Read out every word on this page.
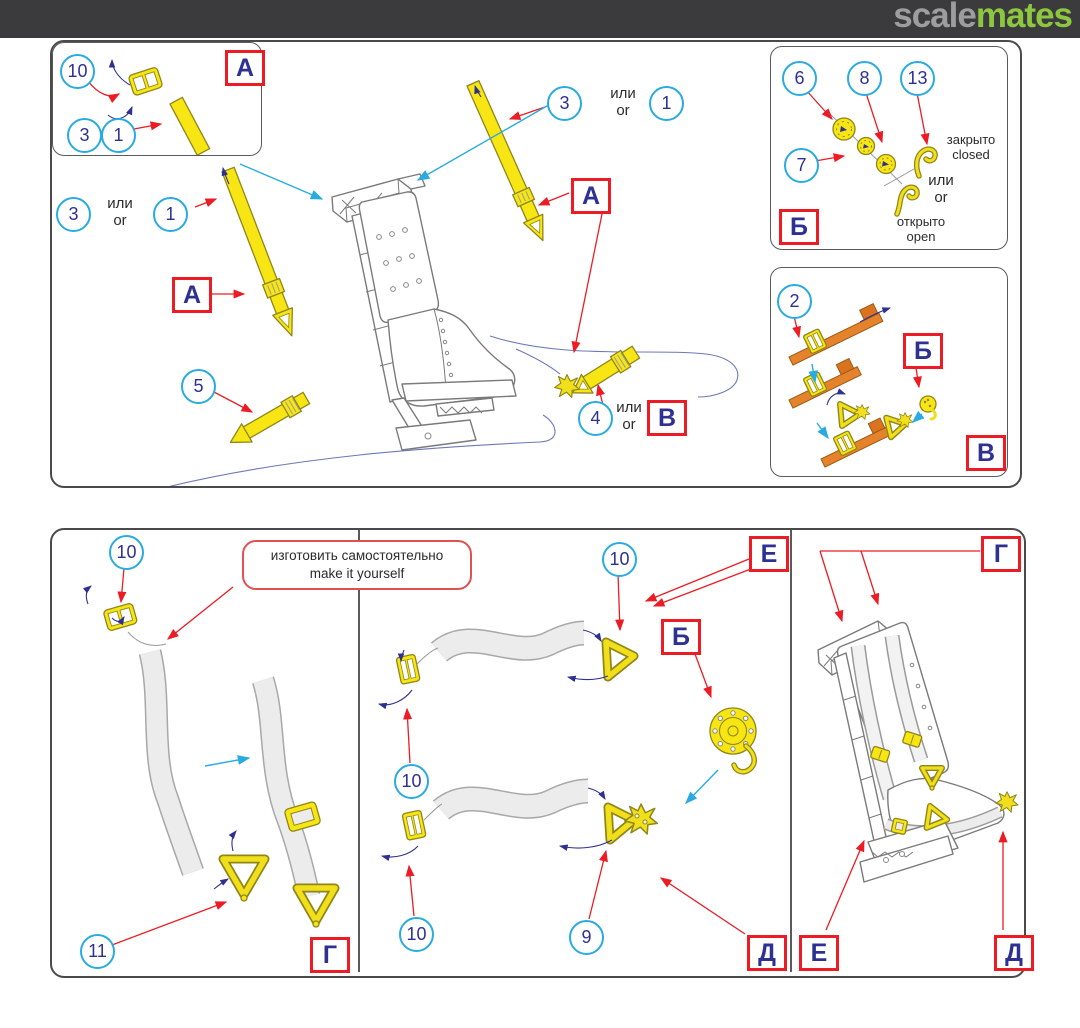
scalemates
10
3	1
А
3
или
or	1
А
3	или
or	1
А
5
4
или
or В
6	8	13
7
закрыто
closed
или
or
открыто
open
Б
2
Б
В
10	изготовить самостоятельно
make it yourself
11	Г
10	Е
Б
10
10	9
Д
Г
Е	Д
